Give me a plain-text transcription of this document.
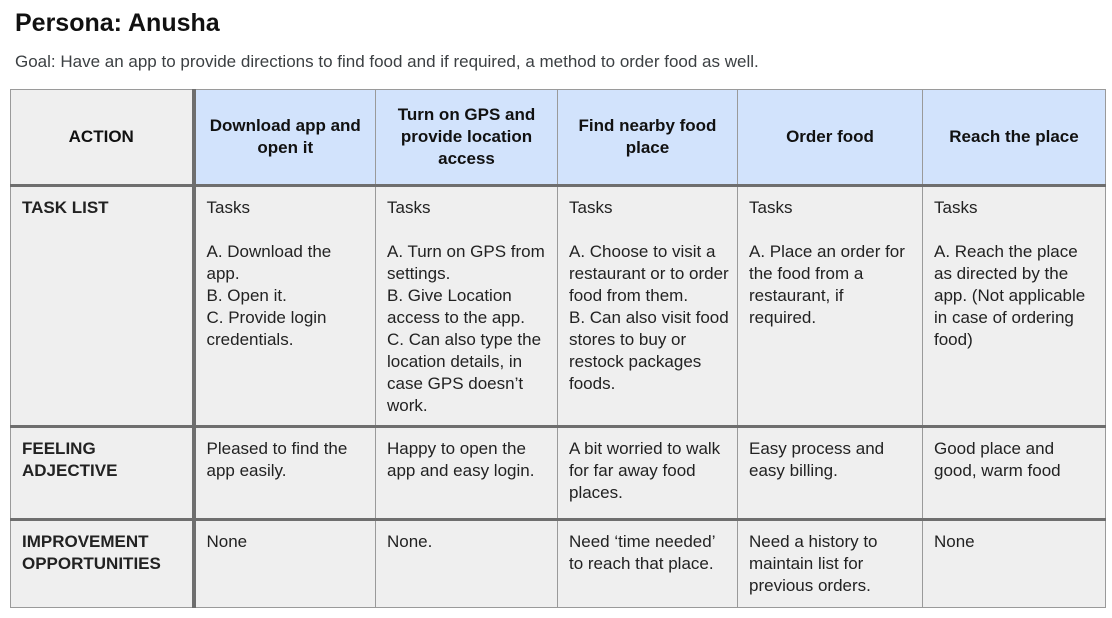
Persona: Anusha
Goal: Have an app to provide directions to find food and if required, a method to order food as well.
ACTION	Download app and open it	Turn on GPS and provide location access	Find nearby food place	Order food	Reach the place

TASK LIST	Tasks

A. Download the app.
B. Open it.
C. Provide login credentials.	Tasks

A. Turn on GPS from settings.
B. Give Location access to the app.
C. Can also type the location details, in case GPS doesn’t work.	Tasks

A. Choose to visit a restaurant or to order food from them.
B. Can also visit food stores to buy or restock packages foods.	Tasks

A. Place an order for the food from a restaurant, if required.	Tasks

A. Reach the place as directed by the app. (Not applicable in case of ordering food)
FEELING ADJECTIVE	Pleased to find the app easily.	Happy to open the app and easy login.	A bit worried to walk for far away food places.	Easy process and easy billing.	Good place and good, warm food
IMPROVEMENT OPPORTUNITIES	None	None.	Need ‘time needed’ to reach that place.	Need a history to maintain list for previous orders.	None
